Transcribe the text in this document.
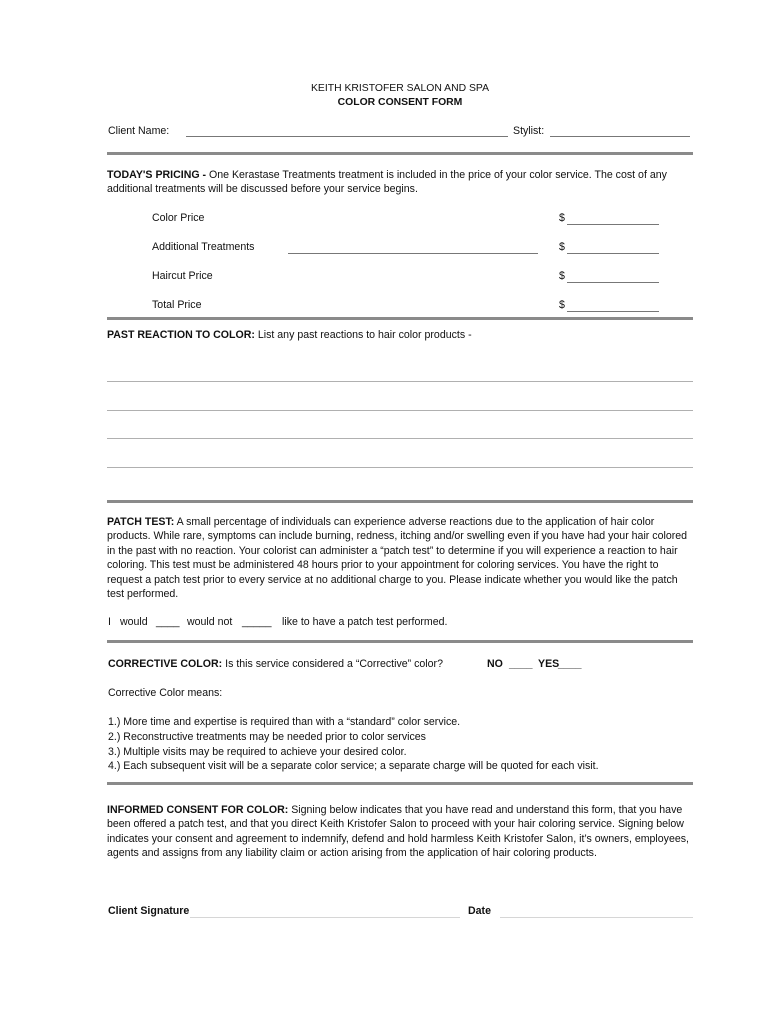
KEITH KRISTOFER SALON AND SPA
COLOR CONSENT FORM
Client Name:	Stylist:

TODAY'S PRICING - One Kerastase Treatments treatment is included in the price of your color service. The cost of any additional treatments will be discussed before your service begins.

Color Price	$
Additional Treatments	$
Haircut Price	$
Total Price	$

PAST REACTION TO COLOR: List any past reactions to hair color products -

PATCH TEST: A small percentage of individuals can experience adverse reactions due to the application of hair color products. While rare, symptoms can include burning, redness, itching and/or swelling even if you have had your hair colored in the past with no reaction. Your colorist can administer a “patch test” to determine if you will experience a reaction to hair coloring. This test must be administered 48 hours prior to your appointment for coloring services. You have the right to request a patch test prior to every service at no additional charge to you. Please indicate whether you would like the patch test performed.

I would ____ would not _____ like to have a patch test performed.
CORRECTIVE COLOR: Is this service considered a “Corrective” color?	NO ____ YES
____
Corrective Color means:
1.) More time and expertise is required than with a “standard” color service.
2.) Reconstructive treatments may be needed prior to color services
3.) Multiple visits may be required to achieve your desired color.
4.) Each subsequent visit will be a separate color service; a separate charge will be quoted for each visit.

INFORMED CONSENT FOR COLOR: Signing below indicates that you have read and understand this form, that you have been offered a patch test, and that you direct Keith Kristofer Salon to proceed with your hair coloring service. Signing below indicates your consent and agreement to indemnify, defend and hold harmless Keith Kristofer Salon, it’s owners, employees, agents and assigns from any liability claim or action arising from the application of hair coloring products.

Client Signature	Date
